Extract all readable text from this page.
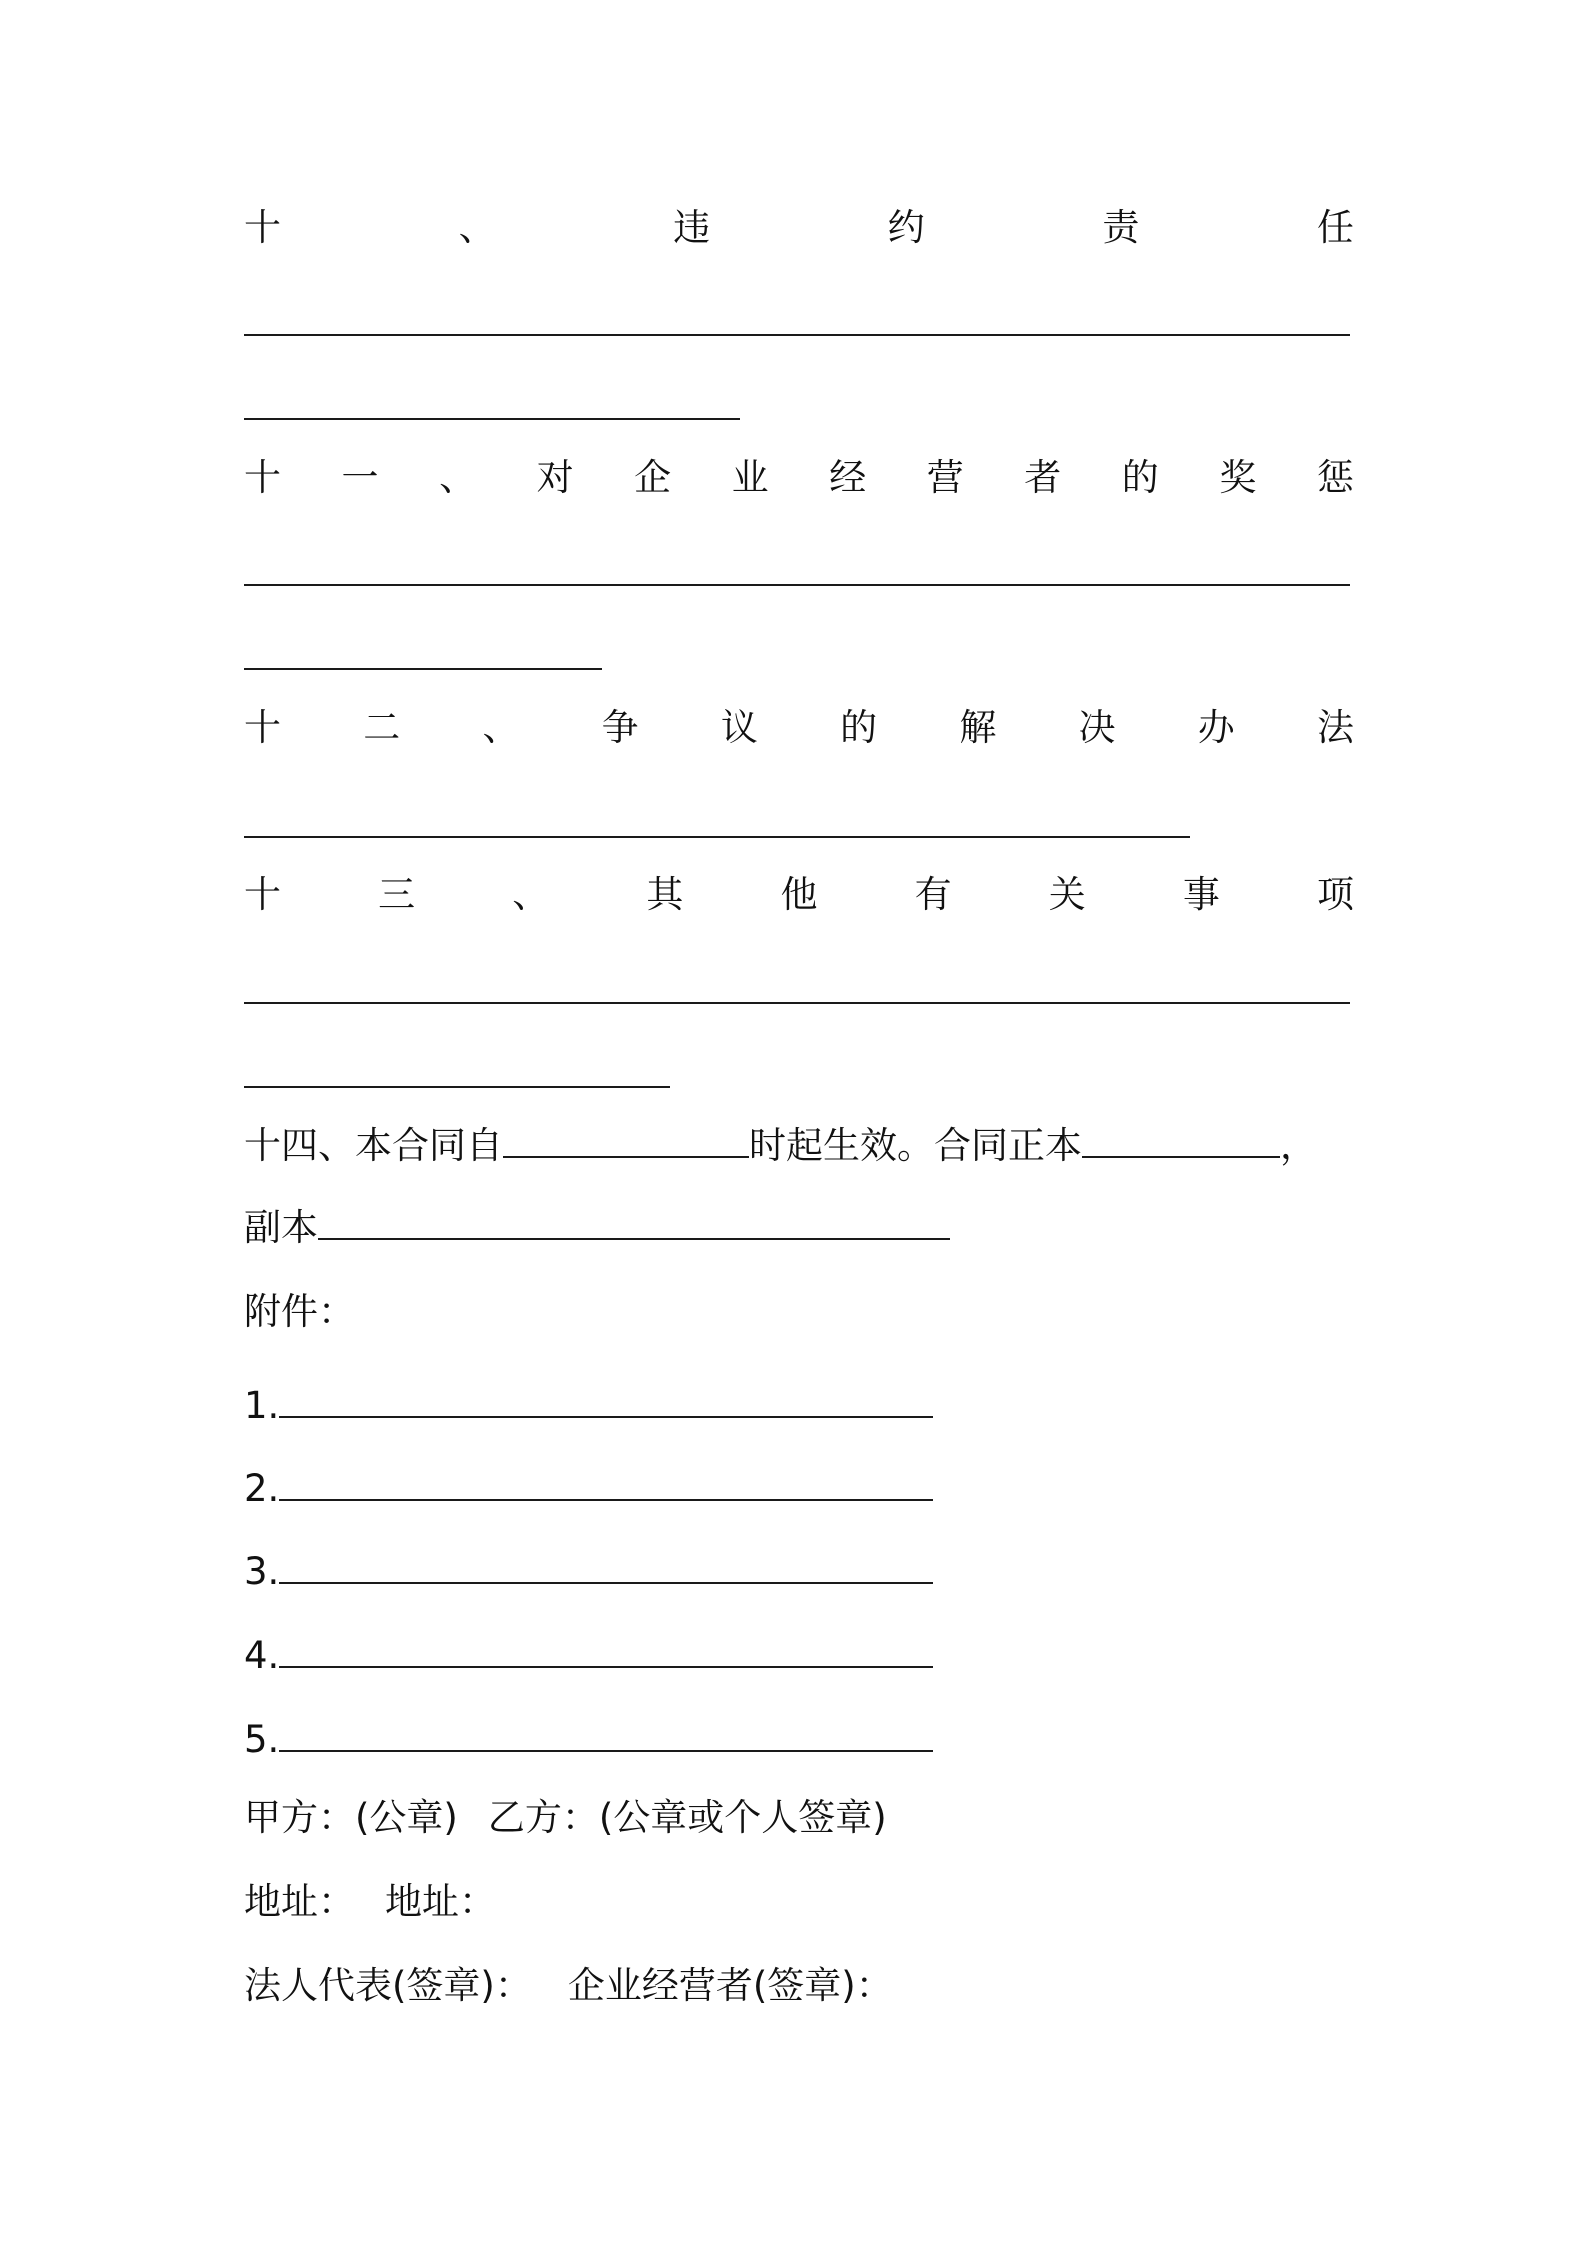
十	、	违	约	责	任
十 一 、 对 企 业 经 营 者 的 奖 惩
十 二 、 争 议 的 解 决 办 法
十	三	、	其	他	有	关	事	项
十四、本合同自	时起生效。合同正本	，
副本
附件：
1.
2.
3.
4.
5.
甲方：(公章) 乙方：(公章或个人签章)
地址： 地址：
法人代表(签章)： 企业经营者(签章)：
